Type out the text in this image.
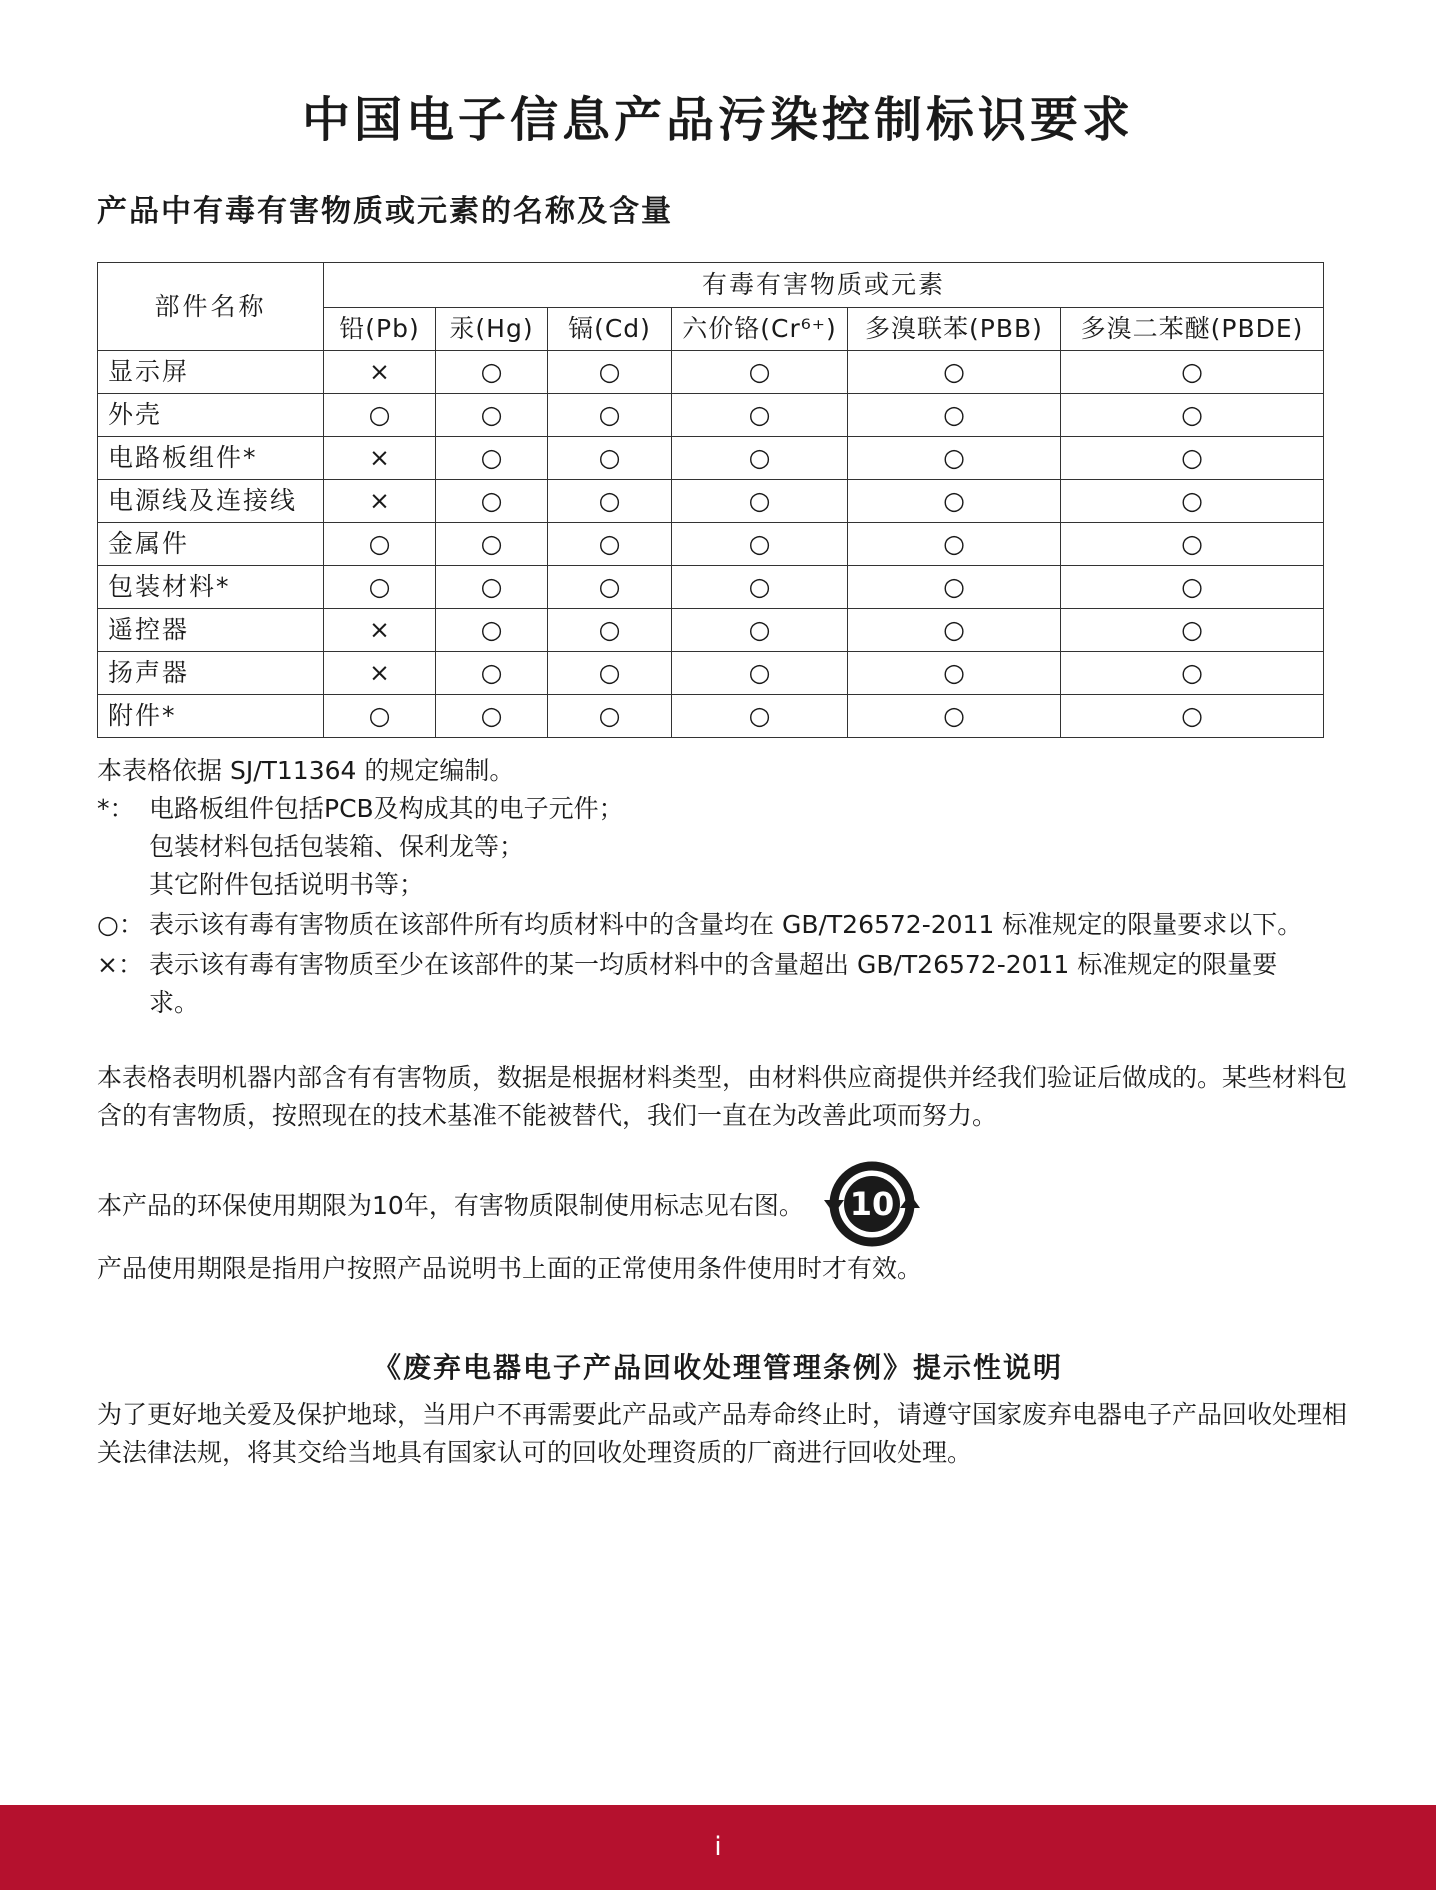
中国电子信息产品污染控制标识要求
产品中有毒有害物质或元素的名称及含量
部件名称	有毒有害物质或元素					
	铅(Pb)	汞(Hg)	镉(Cd)	六价铬(Cr⁶⁺)	多溴联苯(PBB)	多溴二苯醚(PBDE)
显示屏	×	○	○	○	○	○
外壳	○	○	○	○	○	○
电路板组件*	×	○	○	○	○	○
电源线及连接线	×	○	○	○	○	○
金属件	○	○	○	○	○	○
包装材料*	○	○	○	○	○	○
遥控器	×	○	○	○	○	○
扬声器	×	○	○	○	○	○
附件*	○	○	○	○	○	○
本表格依据 SJ/T11364 的规定编制。
*： 电路板组件包括PCB及构成其的电子元件；
包装材料包括包装箱、保利龙等；
其它附件包括说明书等；
○： 表示该有毒有害物质在该部件所有均质材料中的含量均在 GB/T26572-2011 标准规定的限量要求以下。
×： 表示该有毒有害物质至少在该部件的某一均质材料中的含量超出 GB/T26572-2011 标准规定的限量要
求。
本表格表明机器内部含有有害物质，数据是根据材料类型，由材料供应商提供并经我们验证后做成的。某些材料包含的有害物质，按照现在的技术基准不能被替代，我们一直在为改善此项而努力。
本产品的环保使用期限为10年，有害物质限制使用标志见右图。 10
产品使用期限是指用户按照产品说明书上面的正常使用条件使用时才有效。
《废弃电器电子产品回收处理管理条例》提示性说明
为了更好地关爱及保护地球，当用户不再需要此产品或产品寿命终止时，请遵守国家废弃电器电子产品回收处理相关法律法规，将其交给当地具有国家认可的回收处理资质的厂商进行回收处理。
i
